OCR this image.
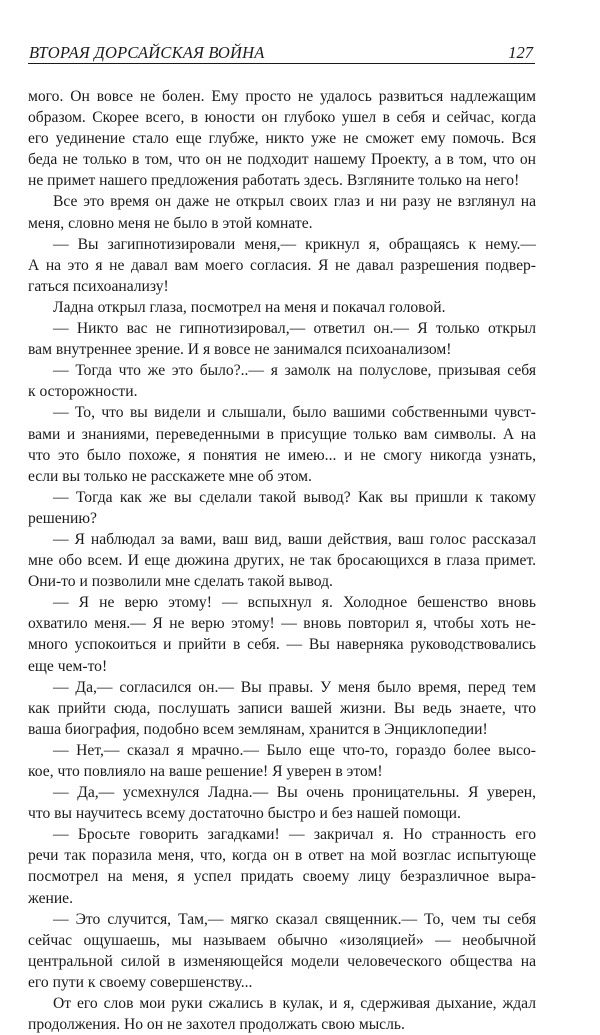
ВТОРАЯ ДОРСАЙСКАЯ ВОЙНА	127
мого. Он вовсе не болен. Ему просто не удалось развиться надлежащим
образом. Скорее всего, в юности он глубоко ушел в себя и сейчас, когда
его уединение стало еще глубже, никто уже не сможет ему помочь. Вся
беда не только в том, что он не подходит нашему Проекту, а в том, что он
не примет нашего предложения работать здесь. Взгляните только на него!
Все это время он даже не открыл своих глаз и ни разу не взглянул на
меня, словно меня не было в этой комнате.
— Вы загипнотизировали меня,— крикнул я, обращаясь к нему.—
А на это я не давал вам моего согласия. Я не давал разрешения подвер-
гаться психоанализу!
Ладна открыл глаза, посмотрел на меня и покачал головой.
— Никто вас не гипнотизировал,— ответил он.— Я только открыл
вам внутреннее зрение. И я вовсе не занимался психоанализом!
— Тогда что же это было?..— я замолк на полуслове, призывая себя
к осторожности.
— То, что вы видели и слышали, было вашими собственными чувст-
вами и знаниями, переведенными в присущие только вам символы. А на
что это было похоже, я понятия не имею... и не смогу никогда узнать,
если вы только не расскажете мне об этом.
— Тогда как же вы сделали такой вывод? Как вы пришли к такому
решению?
— Я наблюдал за вами, ваш вид, ваши действия, ваш голос рассказал
мне обо всем. И еще дюжина других, не так бросающихся в глаза примет.
Они-то и позволили мне сделать такой вывод.
— Я не верю этому! — вспыхнул я. Холодное бешенство вновь
охватило меня.— Я не верю этому! — вновь повторил я, чтобы хоть не-
много успокоиться и прийти в себя. — Вы наверняка руководствовались
еще чем-то!
— Да,— согласился он.— Вы правы. У меня было время, перед тем
как прийти сюда, послушать записи вашей жизни. Вы ведь знаете, что
ваша биография, подобно всем землянам, хранится в Энциклопедии!
— Нет,— сказал я мрачно.— Было еще что-то, гораздо более высо-
кое, что повлияло на ваше решение! Я уверен в этом!
— Да,— усмехнулся Ладна.— Вы очень проницательны. Я уверен,
что вы научитесь всему достаточно быстро и без нашей помощи.
— Бросьте говорить загадками! — закричал я. Но странность его
речи так поразила меня, что, когда он в ответ на мой возглас испытующе
посмотрел на меня, я успел придать своему лицу безразличное выра-
жение.
— Это случится, Там,— мягко сказал священник.— То, чем ты себя
сейчас ощушаешь, мы называем обычно «изоляцией» — необычной
центральной силой в изменяющейся модели человеческого общества на
его пути к своему совершенству...
От его слов мои руки сжались в кулак, и я, сдерживая дыхание, ждал
продолжения. Но он не захотел продолжать свою мысль.
